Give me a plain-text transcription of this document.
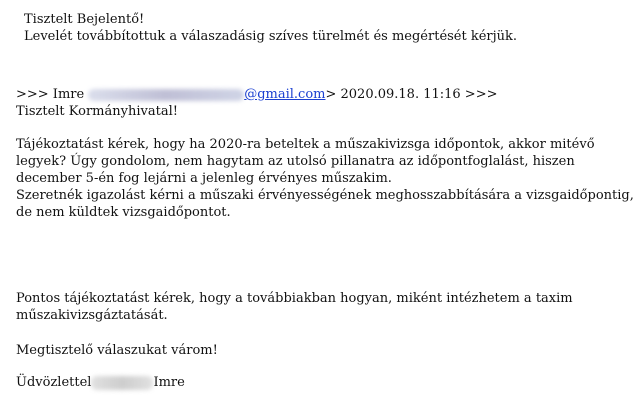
Tisztelt Bejelentő!
Levelét továbbítottuk a válaszadásig szíves türelmét és megértését kérjük.
>>> Imre	@gmail.com> 2020.09.18. 11:16 >>>
Tisztelt Kormányhivatal!
Tájékoztatást kérek, hogy ha 2020-ra beteltek a műszakivizsga időpontok, akkor mitévő legyek? Úgy gondolom, nem hagytam az utolsó pillanatra az időpontfoglalást, hiszen december 5-én fog lejárni a jelenleg érvényes műszakim.
Szeretnék igazolást kérni a műszaki érvényességének meghosszabbítására a vizsgaidőpontig, de nem küldtek vizsgaidőpontot.
Pontos tájékoztatást kérek, hogy a továbbiakban hogyan, miként intézhetem a taxim műszakivizsgáztatását.
Megtisztelő válaszukat várom!
Üdvözlettel	Imre
